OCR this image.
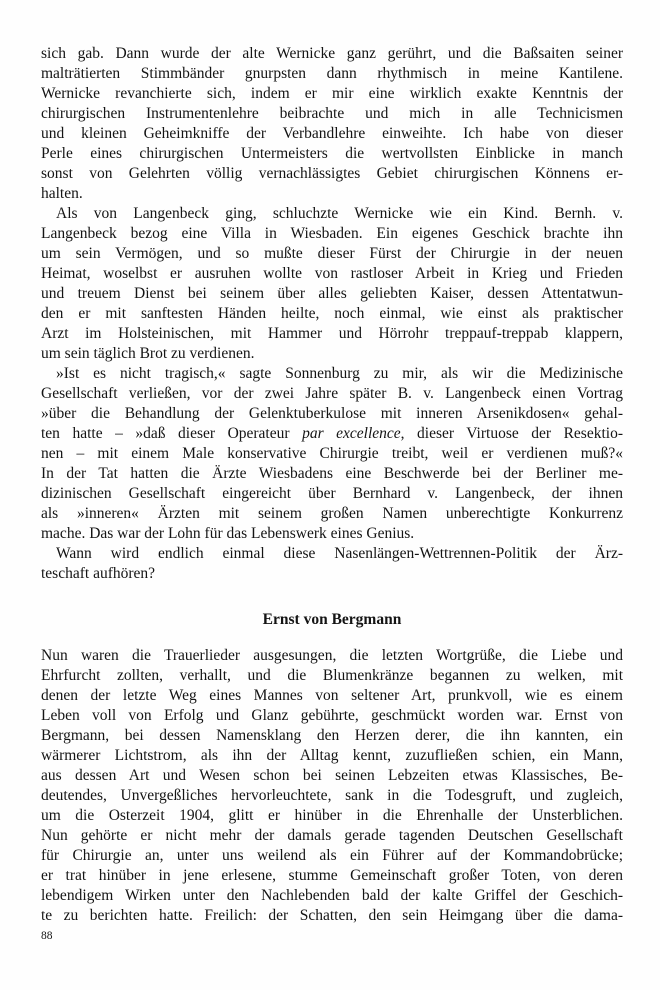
sich gab. Dann wurde der alte Wernicke ganz gerührt, und die Baßsaiten seiner
malträtierten Stimmbänder gnurpsten dann rhythmisch in meine Kantilene.
Wernicke revanchierte sich, indem er mir eine wirklich exakte Kenntnis der
chirurgischen Instrumentenlehre beibrachte und mich in alle Technicismen
und kleinen Geheimkniffe der Verbandlehre einweihte. Ich habe von dieser
Perle eines chirurgischen Untermeisters die wertvollsten Einblicke in manch
sonst von Gelehrten völlig vernachlässigtes Gebiet chirurgischen Könnens er-
halten.
Als von Langenbeck ging, schluchzte Wernicke wie ein Kind. Bernh. v.
Langenbeck bezog eine Villa in Wiesbaden. Ein eigenes Geschick brachte ihn
um sein Vermögen, und so mußte dieser Fürst der Chirurgie in der neuen
Heimat, woselbst er ausruhen wollte von rastloser Arbeit in Krieg und Frieden
und treuem Dienst bei seinem über alles geliebten Kaiser, dessen Attentatwun-
den er mit sanftesten Händen heilte, noch einmal, wie einst als praktischer
Arzt im Holsteinischen, mit Hammer und Hörrohr treppauf-treppab klappern,
um sein täglich Brot zu verdienen.
»Ist es nicht tragisch,« sagte Sonnenburg zu mir, als wir die Medizinische
Gesellschaft verließen, vor der zwei Jahre später B. v. Langenbeck einen Vortrag
»über die Behandlung der Gelenktuberkulose mit inneren Arsenikdosen« gehal-
ten hatte – »daß dieser Operateur par excellence, dieser Virtuose der Resektio-
nen – mit einem Male konservative Chirurgie treibt, weil er verdienen muß?«
In der Tat hatten die Ärzte Wiesbadens eine Beschwerde bei der Berliner me-
dizinischen Gesellschaft eingereicht über Bernhard v. Langenbeck, der ihnen
als »inneren« Ärzten mit seinem großen Namen unberechtigte Konkurrenz
mache. Das war der Lohn für das Lebenswerk eines Genius.
Wann wird endlich einmal diese Nasenlängen-Wettrennen-Politik der Ärz-
teschaft aufhören?
Ernst von Bergmann
Nun waren die Trauerlieder ausgesungen, die letzten Wortgrüße, die Liebe und
Ehrfurcht zollten, verhallt, und die Blumenkränze begannen zu welken, mit
denen der letzte Weg eines Mannes von seltener Art, prunkvoll, wie es einem
Leben voll von Erfolg und Glanz gebührte, geschmückt worden war. Ernst von
Bergmann, bei dessen Namensklang den Herzen derer, die ihn kannten, ein
wärmerer Lichtstrom, als ihn der Alltag kennt, zuzufließen schien, ein Mann,
aus dessen Art und Wesen schon bei seinen Lebzeiten etwas Klassisches, Be-
deutendes, Unvergeßliches hervorleuchtete, sank in die Todesgruft, und zugleich,
um die Osterzeit 1904, glitt er hinüber in die Ehrenhalle der Unsterblichen.
Nun gehörte er nicht mehr der damals gerade tagenden Deutschen Gesellschaft
für Chirurgie an, unter uns weilend als ein Führer auf der Kommandobrücke;
er trat hinüber in jene erlesene, stumme Gemeinschaft großer Toten, von deren
lebendigem Wirken unter den Nachlebenden bald der kalte Griffel der Geschich-
te zu berichten hatte. Freilich: der Schatten, den sein Heimgang über die dama-
88
